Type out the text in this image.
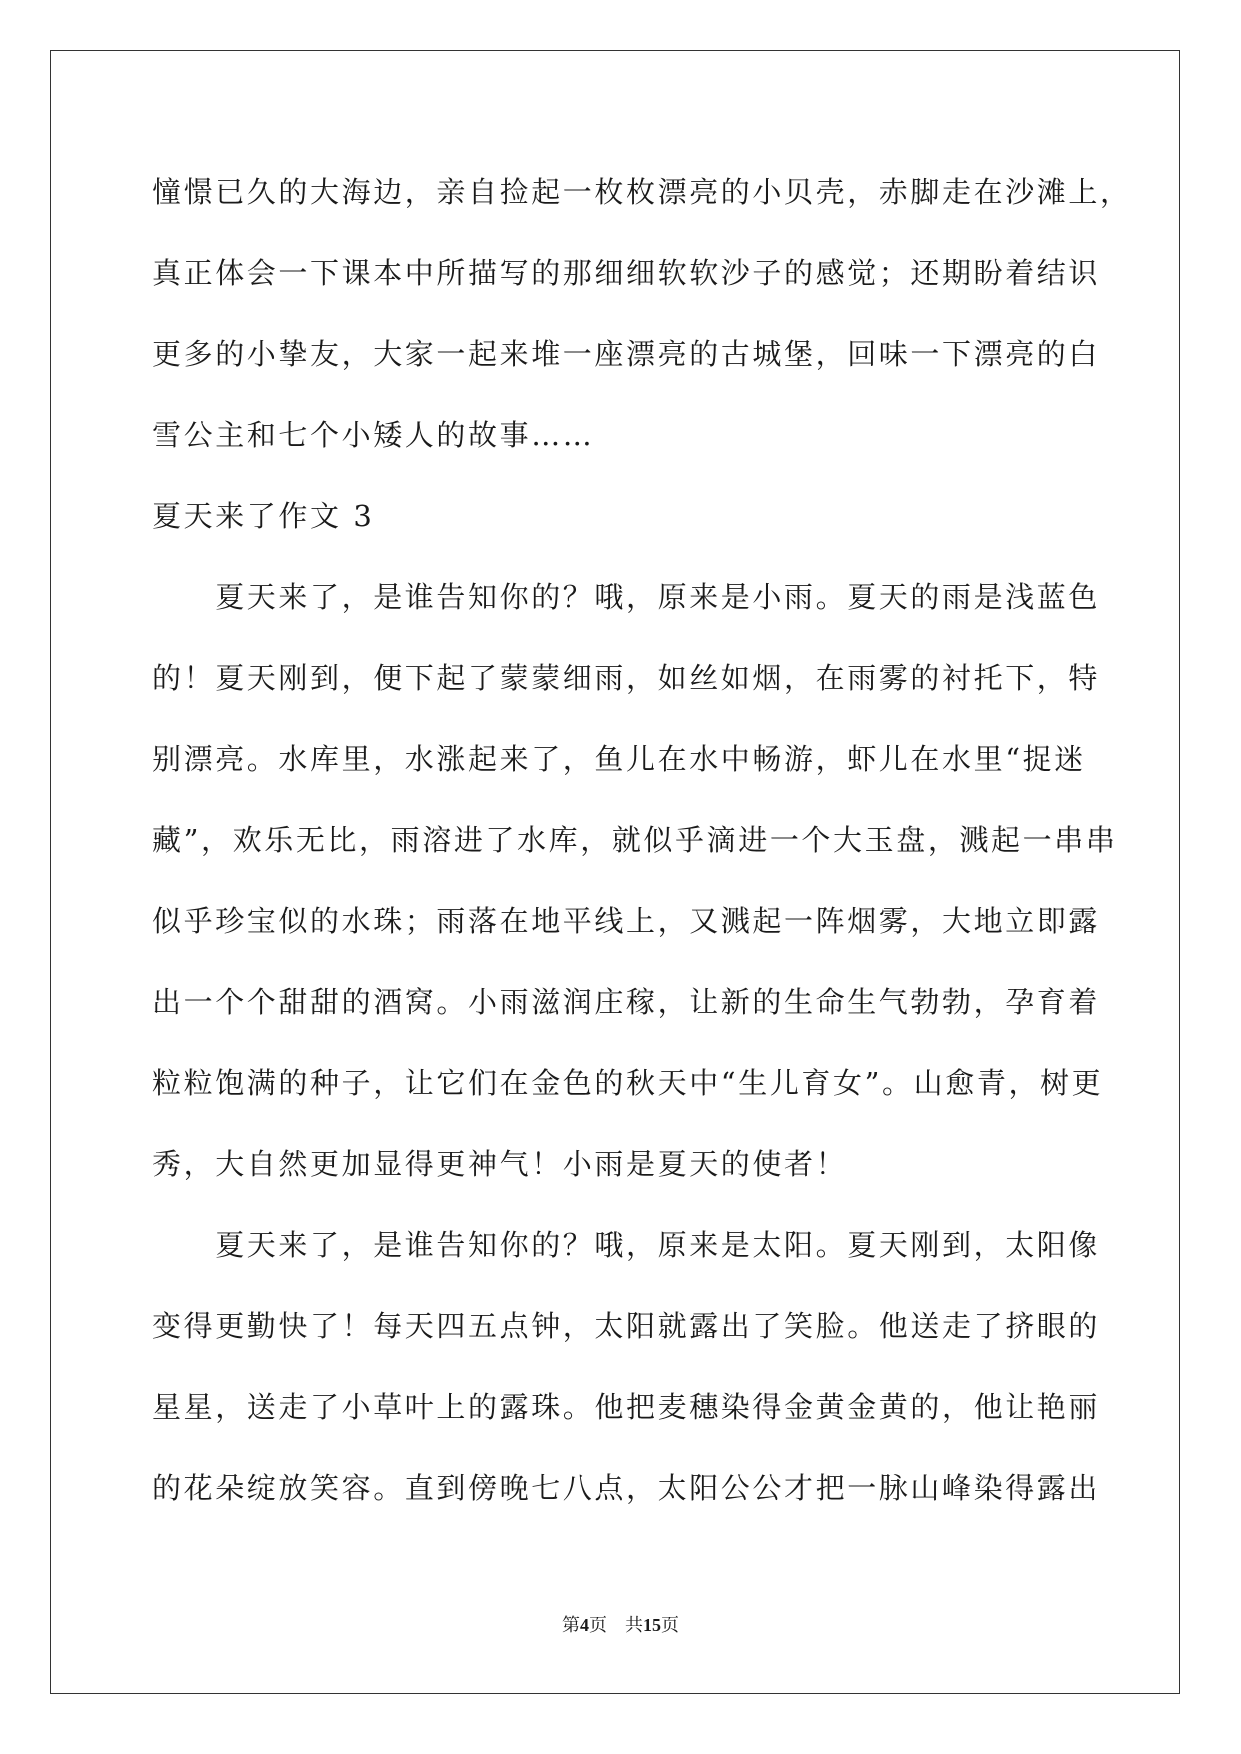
憧憬已久的大海边，亲自捡起一枚枚漂亮的小贝壳，赤脚走在沙滩上，
真正体会一下课本中所描写的那细细软软沙子的感觉；还期盼着结识
更多的小挚友，大家一起来堆一座漂亮的古城堡，回味一下漂亮的白
雪公主和七个小矮人的故事……
夏天来了作文 3
　　夏天来了，是谁告知你的？哦，原来是小雨。夏天的雨是浅蓝色
的！夏天刚到，便下起了蒙蒙细雨，如丝如烟，在雨雾的衬托下，特
别漂亮。水库里，水涨起来了，鱼儿在水中畅游，虾儿在水里“捉迷
藏”，欢乐无比，雨溶进了水库，就似乎滴进一个大玉盘，溅起一串串
似乎珍宝似的水珠；雨落在地平线上，又溅起一阵烟雾，大地立即露
出一个个甜甜的酒窝。小雨滋润庄稼，让新的生命生气勃勃，孕育着
粒粒饱满的种子，让它们在金色的秋天中“生儿育女”。山愈青，树更
秀，大自然更加显得更神气！小雨是夏天的使者！
　　夏天来了，是谁告知你的？哦，原来是太阳。夏天刚到，太阳像
变得更勤快了！每天四五点钟，太阳就露出了笑脸。他送走了挤眼的
星星，送走了小草叶上的露珠。他把麦穗染得金黄金黄的，他让艳丽
的花朵绽放笑容。直到傍晚七八点，太阳公公才把一脉山峰染得露出
第4页 共15页
